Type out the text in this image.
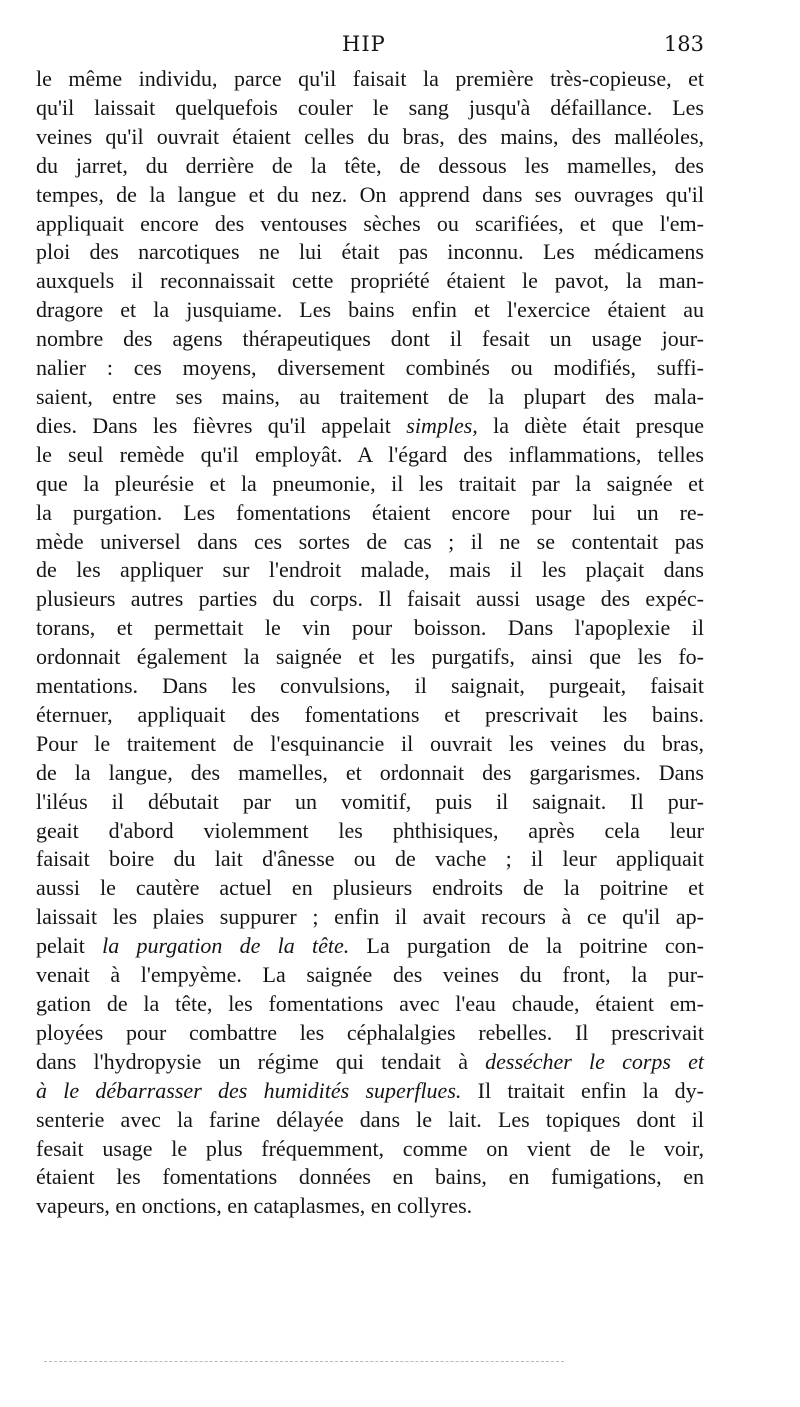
HIP	183
le même individu, parce qu'il faisait la première très-copieuse, et
qu'il laissait quelquefois couler le sang jusqu'à défaillance. Les
veines qu'il ouvrait étaient celles du bras, des mains, des malléoles,
du jarret, du derrière de la tête, de dessous les mamelles, des
tempes, de la langue et du nez. On apprend dans ses ouvrages qu'il
appliquait encore des ventouses sèches ou scarifiées, et que l'em-
ploi des narcotiques ne lui était pas inconnu. Les médicamens
auxquels il reconnaissait cette propriété étaient le pavot, la man-
dragore et la jusquiame. Les bains enfin et l'exercice étaient au
nombre des agens thérapeutiques dont il fesait un usage jour-
nalier : ces moyens, diversement combinés ou modifiés, suffi-
saient, entre ses mains, au traitement de la plupart des mala-
dies. Dans les fièvres qu'il appelait simples, la diète était presque
le seul remède qu'il employât. A l'égard des inflammations, telles
que la pleurésie et la pneumonie, il les traitait par la saignée et
la purgation. Les fomentations étaient encore pour lui un re-
mède universel dans ces sortes de cas ; il ne se contentait pas
de les appliquer sur l'endroit malade, mais il les plaçait dans
plusieurs autres parties du corps. Il faisait aussi usage des expéc-
torans, et permettait le vin pour boisson. Dans l'apoplexie il
ordonnait également la saignée et les purgatifs, ainsi que les fo-
mentations. Dans les convulsions, il saignait, purgeait, faisait
éternuer, appliquait des fomentations et prescrivait les bains.
Pour le traitement de l'esquinancie il ouvrait les veines du bras,
de la langue, des mamelles, et ordonnait des gargarismes. Dans
l'iléus il débutait par un vomitif, puis il saignait. Il pur-
geait d'abord violemment les phthisiques, après cela leur
faisait boire du lait d'ânesse ou de vache ; il leur appliquait
aussi le cautère actuel en plusieurs endroits de la poitrine et
laissait les plaies suppurer ; enfin il avait recours à ce qu'il ap-
pelait la purgation de la tête. La purgation de la poitrine con-
venait à l'empyème. La saignée des veines du front, la pur-
gation de la tête, les fomentations avec l'eau chaude, étaient em-
ployées pour combattre les céphalalgies rebelles. Il prescrivait
dans l'hydropysie un régime qui tendait à dessécher le corps et
à le débarrasser des humidités superflues. Il traitait enfin la dy-
senterie avec la farine délayée dans le lait. Les topiques dont il
fesait usage le plus fréquemment, comme on vient de le voir,
étaient les fomentations données en bains, en fumigations, en
vapeurs, en onctions, en cataplasmes, en collyres.
